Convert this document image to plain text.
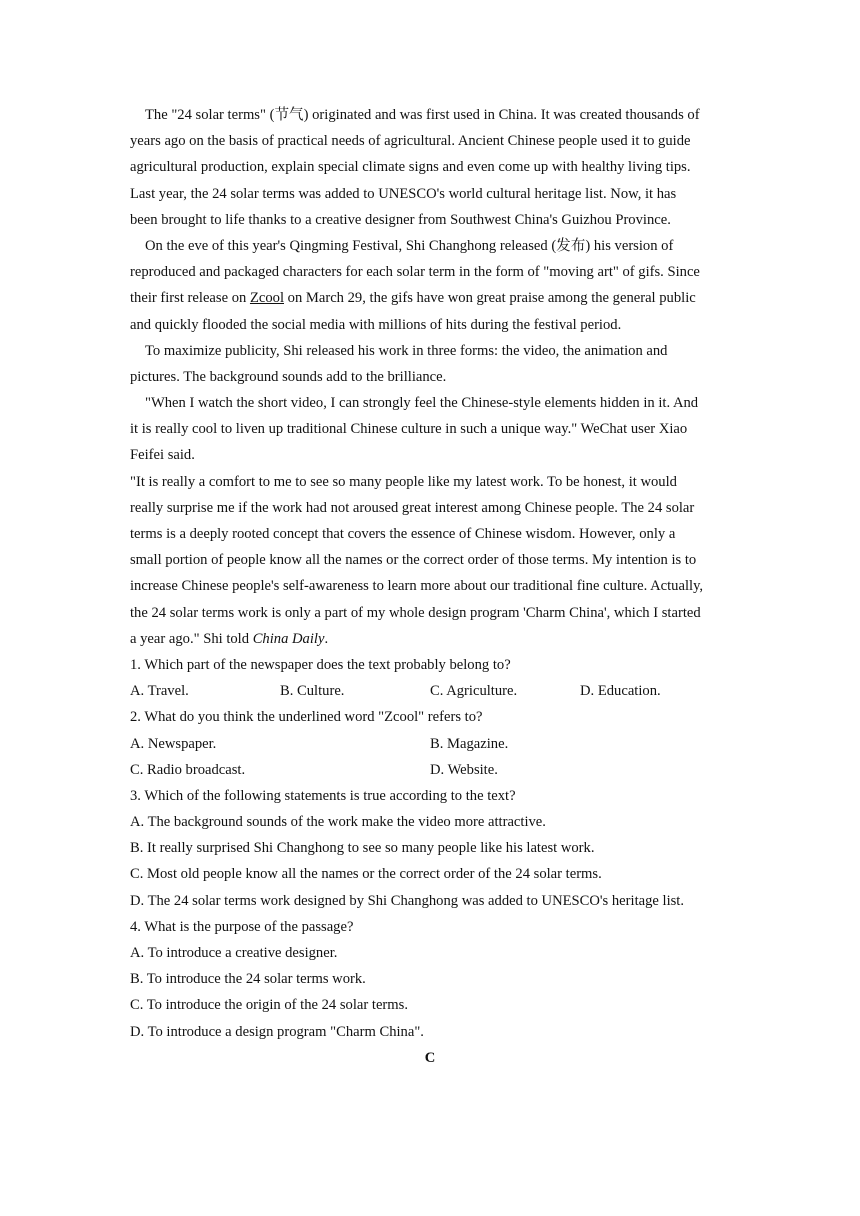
The "24 solar terms" (节气) originated and was first used in China. It was created thousands of
years ago on the basis of practical needs of agricultural. Ancient Chinese people used it to guide
agricultural production, explain special climate signs and even come up with healthy living tips.
Last year, the 24 solar terms was added to UNESCO's world cultural heritage list. Now, it has
been brought to life thanks to a creative designer from Southwest China's Guizhou Province.
On the eve of this year's Qingming Festival, Shi Changhong released (发布) his version of
reproduced and packaged characters for each solar term in the form of "moving art" of gifs. Since
their first release on Zcool on March 29, the gifs have won great praise among the general public
and quickly flooded the social media with millions of hits during the festival period.
To maximize publicity, Shi released his work in three forms: the video, the animation and
pictures. The background sounds add to the brilliance.
"When I watch the short video, I can strongly feel the Chinese-style elements hidden in it. And
it is really cool to liven up traditional Chinese culture in such a unique way." WeChat user Xiao
Feifei said.
"It is really a comfort to me to see so many people like my latest work. To be honest, it would
really surprise me if the work had not aroused great interest among Chinese people. The 24 solar
terms is a deeply rooted concept that covers the essence of Chinese wisdom. However, only a
small portion of people know all the names or the correct order of those terms. My intention is to
increase Chinese people's self-awareness to learn more about our traditional fine culture. Actually,
the 24 solar terms work is only a part of my whole design program 'Charm China', which I started
a year ago." Shi told China Daily.
1. Which part of the newspaper does the text probably belong to?
A. Travel.	B. Culture.	C. Agriculture.	D. Education.
2. What do you think the underlined word "Zcool" refers to?
A. Newspaper.	B. Magazine.
C. Radio broadcast.	D. Website.
3. Which of the following statements is true according to the text?
A. The background sounds of the work make the video more attractive.
B. It really surprised Shi Changhong to see so many people like his latest work.
C. Most old people know all the names or the correct order of the 24 solar terms.
D. The 24 solar terms work designed by Shi Changhong was added to UNESCO's heritage list.
4. What is the purpose of the passage?
A. To introduce a creative designer.
B. To introduce the 24 solar terms work.
C. To introduce the origin of the 24 solar terms.
D. To introduce a design program "Charm China".
C
